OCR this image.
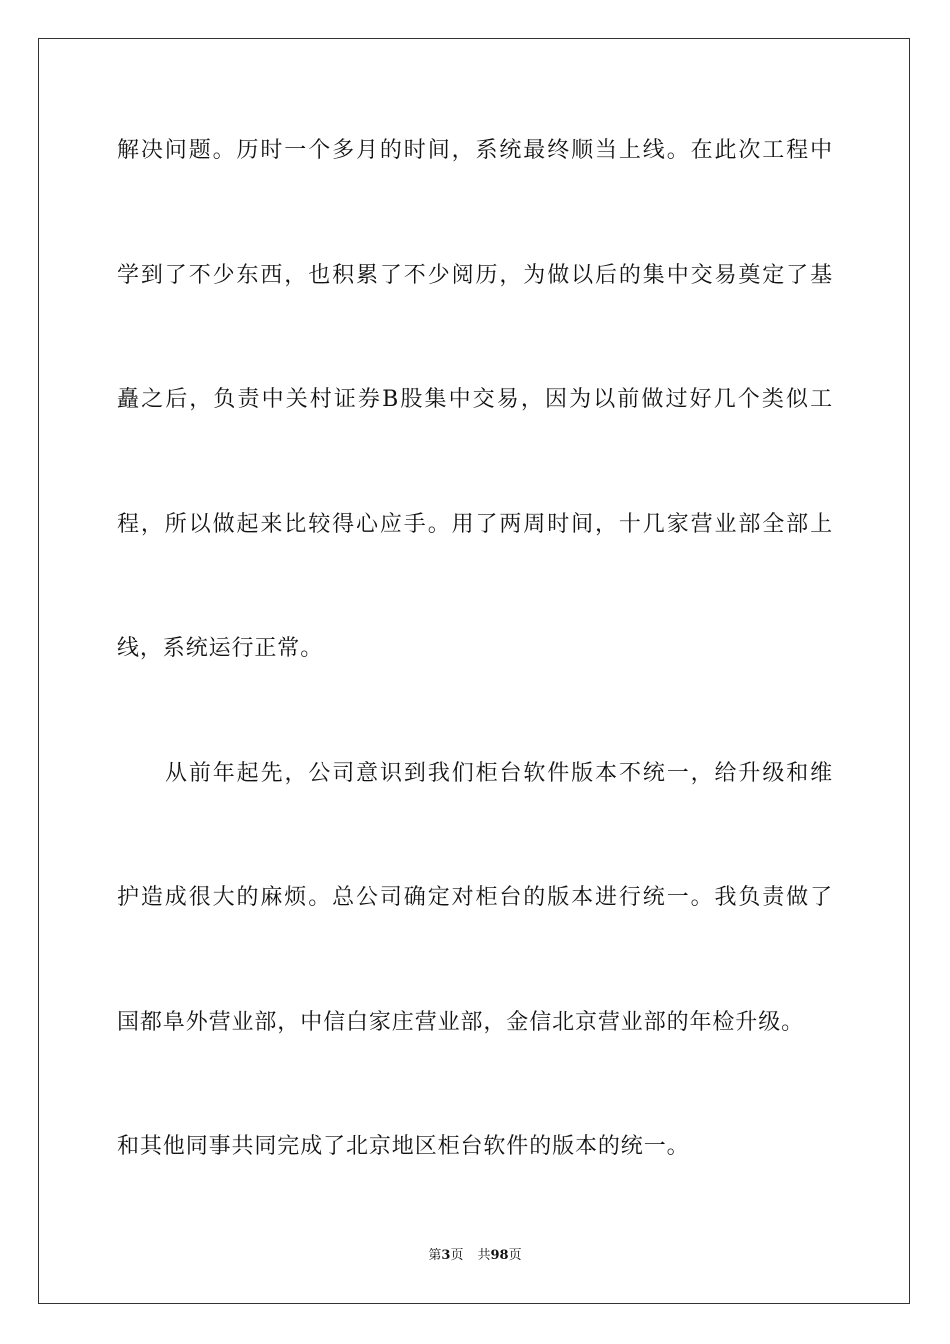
解决问题。历时一个多月的时间，系统最终顺当上线。在此次工程中
学到了不少东西，也积累了不少阅历，为做以后的集中交易奠定了基
矗之后，负责中关村证券B股集中交易，因为以前做过好几个类似工
程，所以做起来比较得心应手。用了两周时间，十几家营业部全部上
线，系统运行正常。
从前年起先，公司意识到我们柜台软件版本不统一，给升级和维
护造成很大的麻烦。总公司确定对柜台的版本进行统一。我负责做了
国都阜外营业部，中信白家庄营业部，金信北京营业部的年检升级。
和其他同事共同完成了北京地区柜台软件的版本的统一。
第3页 共98页
